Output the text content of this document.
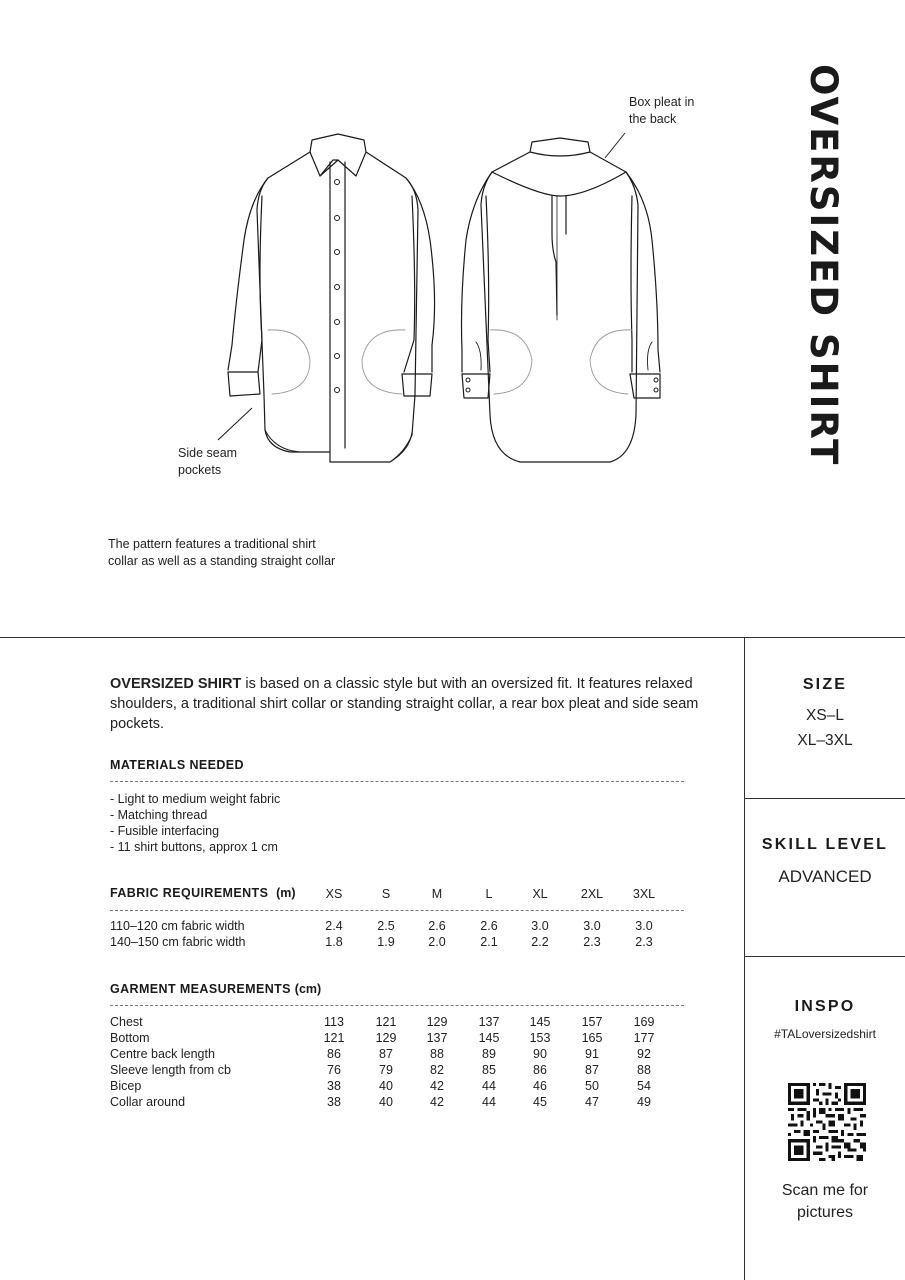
OVERSIZED SHIRT
Box pleat in
the back
Side seam
pockets
The pattern features a traditional shirt
collar as well as a standing straight collar
OVERSIZED SHIRT is based on a classic style but with an oversized fit. It features relaxed shoulders, a traditional shirt collar or standing straight collar, a rear box pleat and side seam pockets.
MATERIALS NEEDED
- Light to medium weight fabric
- Matching thread
- Fusible interfacing
- 11 shirt buttons, approx 1 cm
FABRIC REQUIREMENTS (m)	XS	S	M	L	XL	2XL	3XL
110–120 cm fabric width	2.4	2.5	2.6	2.6	3.0	3.0	3.0
140–150 cm fabric width	1.8	1.9	2.0	2.1	2.2	2.3	2.3
GARMENT MEASUREMENTS (cm)
Chest	113	121	129	137	145	157	169
Bottom	121	129	137	145	153	165	177
Centre back length	86	87	88	89	90	91	92
Sleeve length from cb	76	79	82	85	86	87	88
Bicep	38	40	42	44	46	50	54
Collar around	38	40	42	44	45	47	49
SIZE
XS–L
XL–3XL
SKILL LEVEL
ADVANCED
INSPO
#TALoversizedshirt
Scan me for
pictures
